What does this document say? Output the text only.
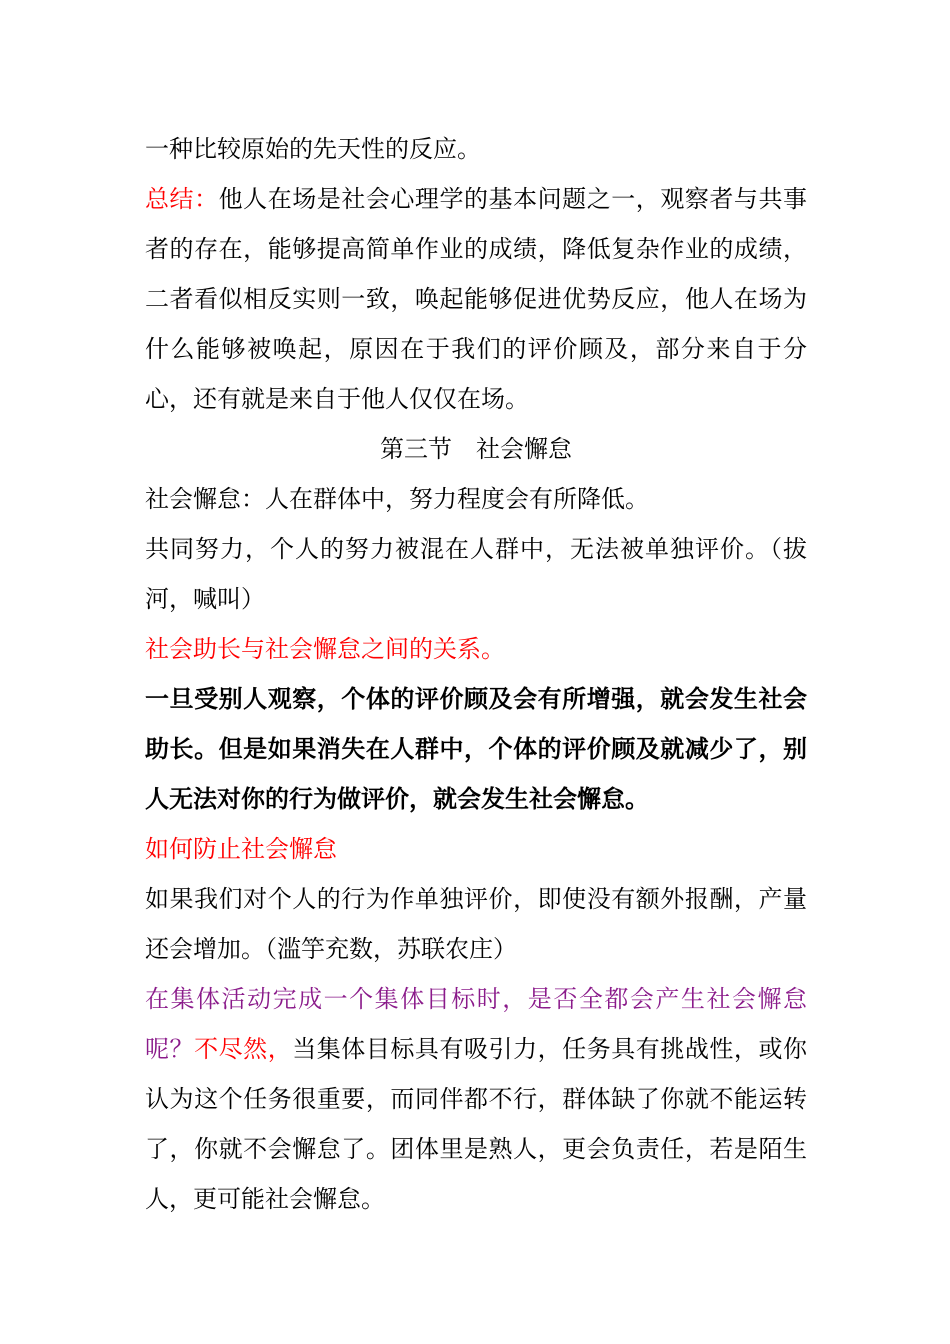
一种比较原始的先天性的反应。

总结：他人在场是社会心理学的基本问题之一，观察者与共事者的存在，能够提高简单作业的成绩，降低复杂作业的成绩，二者看似相反实则一致，唤起能够促进优势反应，他人在场为什么能够被唤起，原因在于我们的评价顾及，部分来自于分心，还有就是来自于他人仅仅在场。

第三节　社会懈怠

社会懈怠：人在群体中，努力程度会有所降低。

共同努力，个人的努力被混在人群中，无法被单独评价。（拔河，喊叫）

社会助长与社会懈怠之间的关系。

一旦受别人观察，个体的评价顾及会有所增强，就会发生社会助长。但是如果消失在人群中，个体的评价顾及就减少了，别人无法对你的行为做评价，就会发生社会懈怠。

如何防止社会懈怠

如果我们对个人的行为作单独评价，即使没有额外报酬，产量还会增加。（滥竽充数，苏联农庄）

在集体活动完成一个集体目标时，是否全都会产生社会懈怠呢？不尽然，当集体目标具有吸引力，任务具有挑战性，或你认为这个任务很重要，而同伴都不行，群体缺了你就不能运转了，你就不会懈怠了。团体里是熟人，更会负责任，若是陌生人，更可能社会懈怠。
